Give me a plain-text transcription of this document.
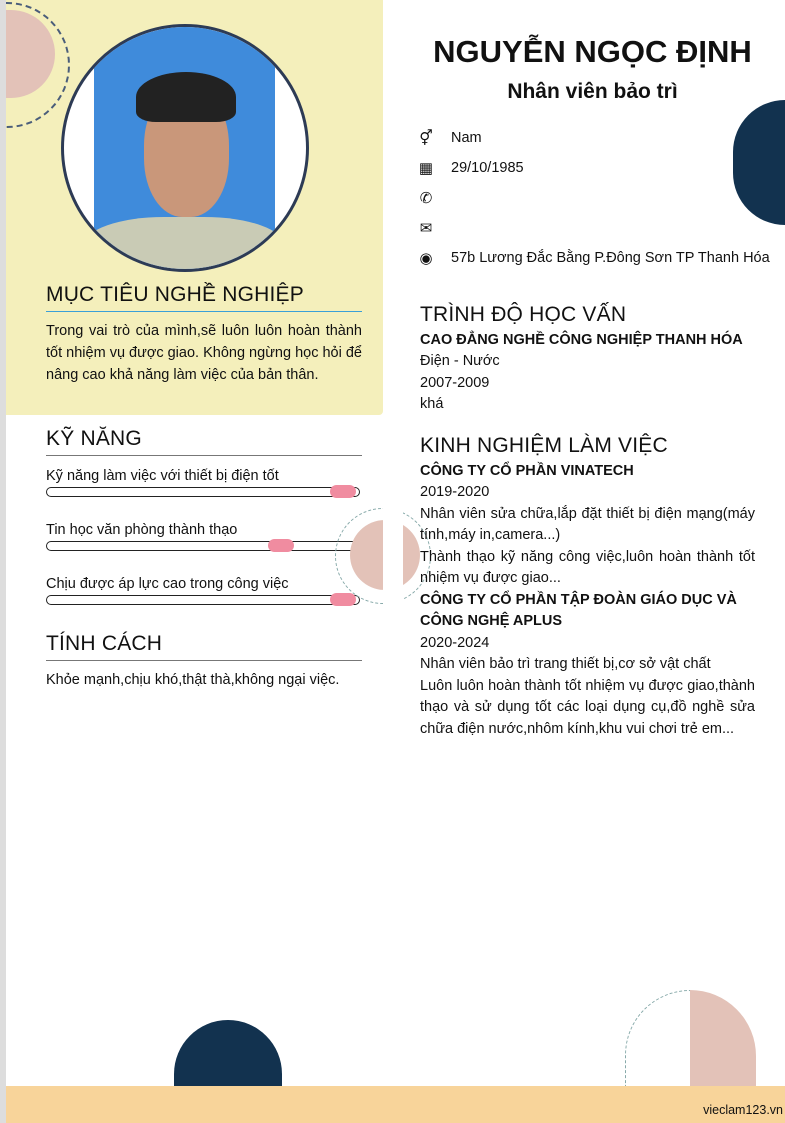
MỤC TIÊU NGHỀ NGHIỆP

Trong vai trò của mình,sẽ luôn luôn hoàn thành tốt nhiệm vụ được giao. Không ngừng học hỏi để nâng cao khả năng làm việc của bản thân.

KỸ NĂNG
Kỹ năng làm việc với thiết bị điện tốt
Tin học văn phòng thành thạo
Chịu được áp lực cao trong công việc
TÍNH CÁCH

Khỏe mạnh,chịu khó,thật thà,không ngại việc.

NGUYỄN NGỌC ĐỊNH
Nhân viên bảo trì
⚥ Nam
▦ 29/10/1985
✆
✉
◉ 57b Lương Đắc Bằng P.Đông Sơn TP Thanh Hóa
TRÌNH ĐỘ HỌC VẤN
CAO ĐẲNG NGHỀ CÔNG NGHIỆP THANH HÓA
Điện - Nước
2007-2009
khá
KINH NGHIỆM LÀM VIỆC
CÔNG TY CỔ PHẦN VINATECH
2019-2020
Nhân viên sửa chữa,lắp đặt thiết bị điện mạng(máy tính,máy in,camera...)
Thành thạo kỹ năng công việc,luôn hoàn thành tốt nhiệm vụ được giao...
CÔNG TY CỔ PHẦN TẬP ĐOÀN GIÁO DỤC VÀ CÔNG NGHỆ APLUS
2020-2024
Nhân viên bảo trì trang thiết bị,cơ sở vật chất
Luôn luôn hoàn thành tốt nhiệm vụ được giao,thành thạo và sử dụng tốt các loại dụng cụ,đồ nghề sửa chữa điện nước,nhôm kính,khu vui chơi trẻ em...
vieclam123.vn
